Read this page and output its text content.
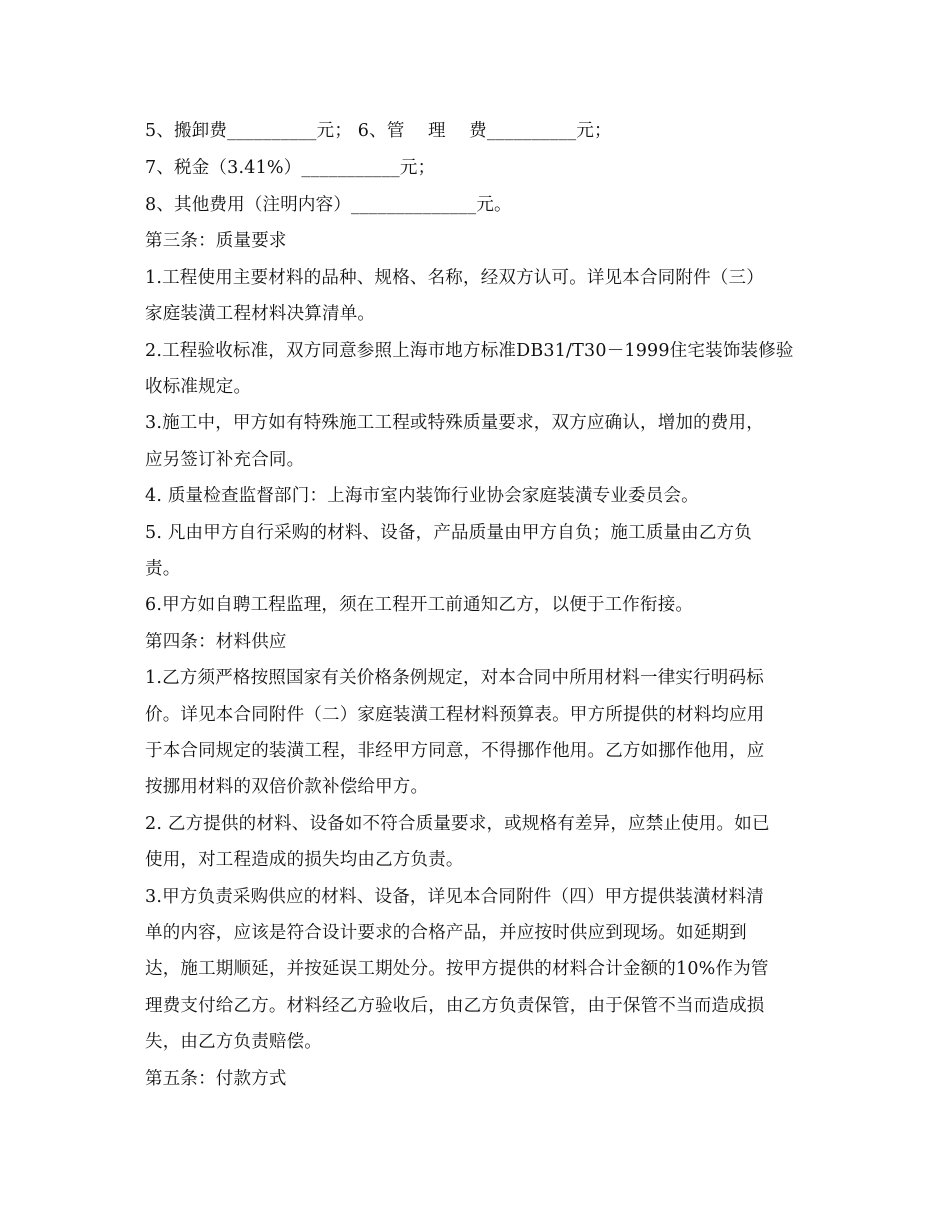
5、搬卸费__________元； 6、管　 理　 费__________元；
7、税金（3.41%）___________元；
8、其他费用（注明内容）______________元。
第三条：质量要求
1.工程使用主要材料的品种、规格、名称，经双方认可。详见本合同附件（三）
家庭装潢工程材料决算清单。
2.工程验收标准，双方同意参照上海市地方标准DB31/T30－1999住宅装饰装修验
收标准规定。
3.施工中，甲方如有特殊施工工程或特殊质量要求，双方应确认，增加的费用，
应另签订补充合同。
4. 质量检查监督部门：上海市室内装饰行业协会家庭装潢专业委员会。
5. 凡由甲方自行采购的材料、设备，产品质量由甲方自负；施工质量由乙方负
责。
6.甲方如自聘工程监理，须在工程开工前通知乙方，以便于工作衔接。
第四条：材料供应
1.乙方须严格按照国家有关价格条例规定，对本合同中所用材料一律实行明码标
价。详见本合同附件（二）家庭装潢工程材料预算表。甲方所提供的材料均应用
于本合同规定的装潢工程，非经甲方同意，不得挪作他用。乙方如挪作他用，应
按挪用材料的双倍价款补偿给甲方。
2. 乙方提供的材料、设备如不符合质量要求，或规格有差异，应禁止使用。如已
使用，对工程造成的损失均由乙方负责。
3.甲方负责采购供应的材料、设备，详见本合同附件（四）甲方提供装潢材料清
单的内容，应该是符合设计要求的合格产品，并应按时供应到现场。如延期到
达，施工期顺延，并按延误工期处分。按甲方提供的材料合计金额的10%作为管
理费支付给乙方。材料经乙方验收后，由乙方负责保管，由于保管不当而造成损
失，由乙方负责赔偿。
第五条：付款方式
